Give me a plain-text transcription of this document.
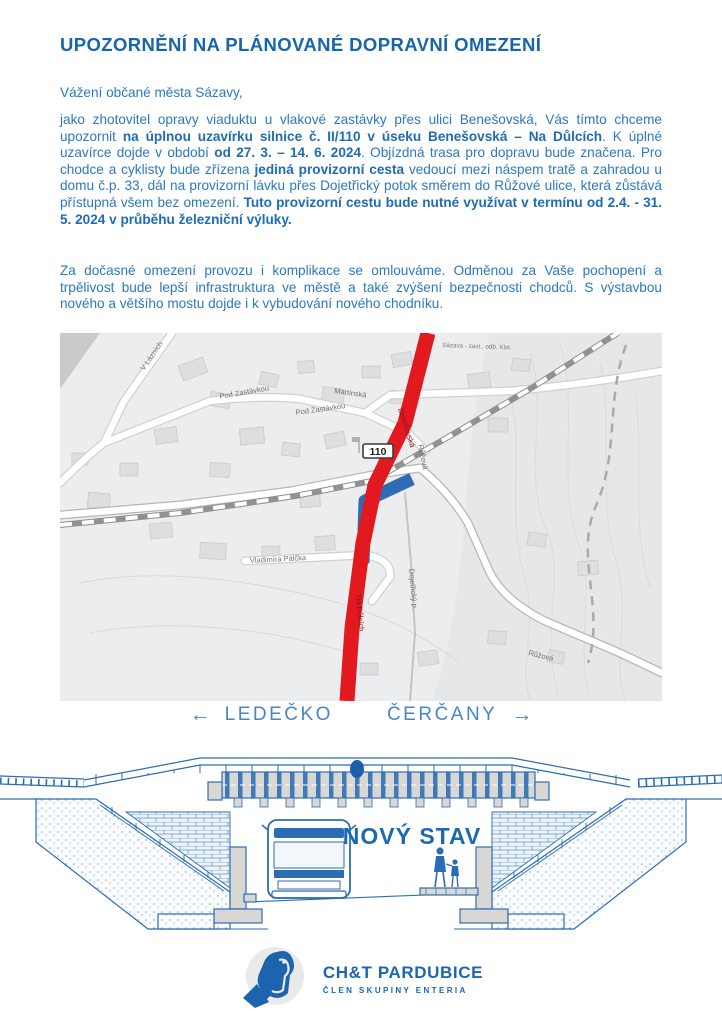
UPOZORNĚNÍ NA PLÁNOVANÉ DOPRAVNÍ OMEZENÍ
Vážení občané města Sázavy,
jako zhotovitel opravy viaduktu u vlakové zastávky přes ulici Benešovská, Vás tímto chceme upozornit na úplnou uzavírku silnice č. II/110 v úseku Benešovská – Na Důlcích. K úplné uzavírce dojde v období od 27. 3. – 14. 6. 2024. Objízdná trasa pro dopravu bude značena. Pro chodce a cyklisty bude zřízena jediná provizorní cesta vedoucí mezi náspem tratě a zahradou u domu č.p. 33, dál na provizorní lávku přes Dojetřický potok směrem do Růžové ulice, která zůstává přístupná všem bez omezení. Tuto provizorní cestu bude nutné využívat v termínu od 2.4. - 31. 5. 2024 v průběhu železniční výluky.
Za dočasné omezení provozu i komplikace se omlouváme. Odměnou za Vaše pochopení a trpělivost bude lepší infrastruktura ve městě a také zvýšení bezpečnosti chodců. S výstavbou nového a většího mostu dojde i k vybudování nového chodníku.
110
Sázava - zast., odb. Klst.
V Lázních
Pod Zastávkou
Pod Zastávkou
Martinská
Vladimíra Pálčka
Růžová
Růžová
Dojetřický p.
Benešovská
Na Důlcích
← LEDEČKO	ČERČANY →
NOVÝ STAV
CH&T PARDUBICE
ČLEN SKUPINY ENTERIA
